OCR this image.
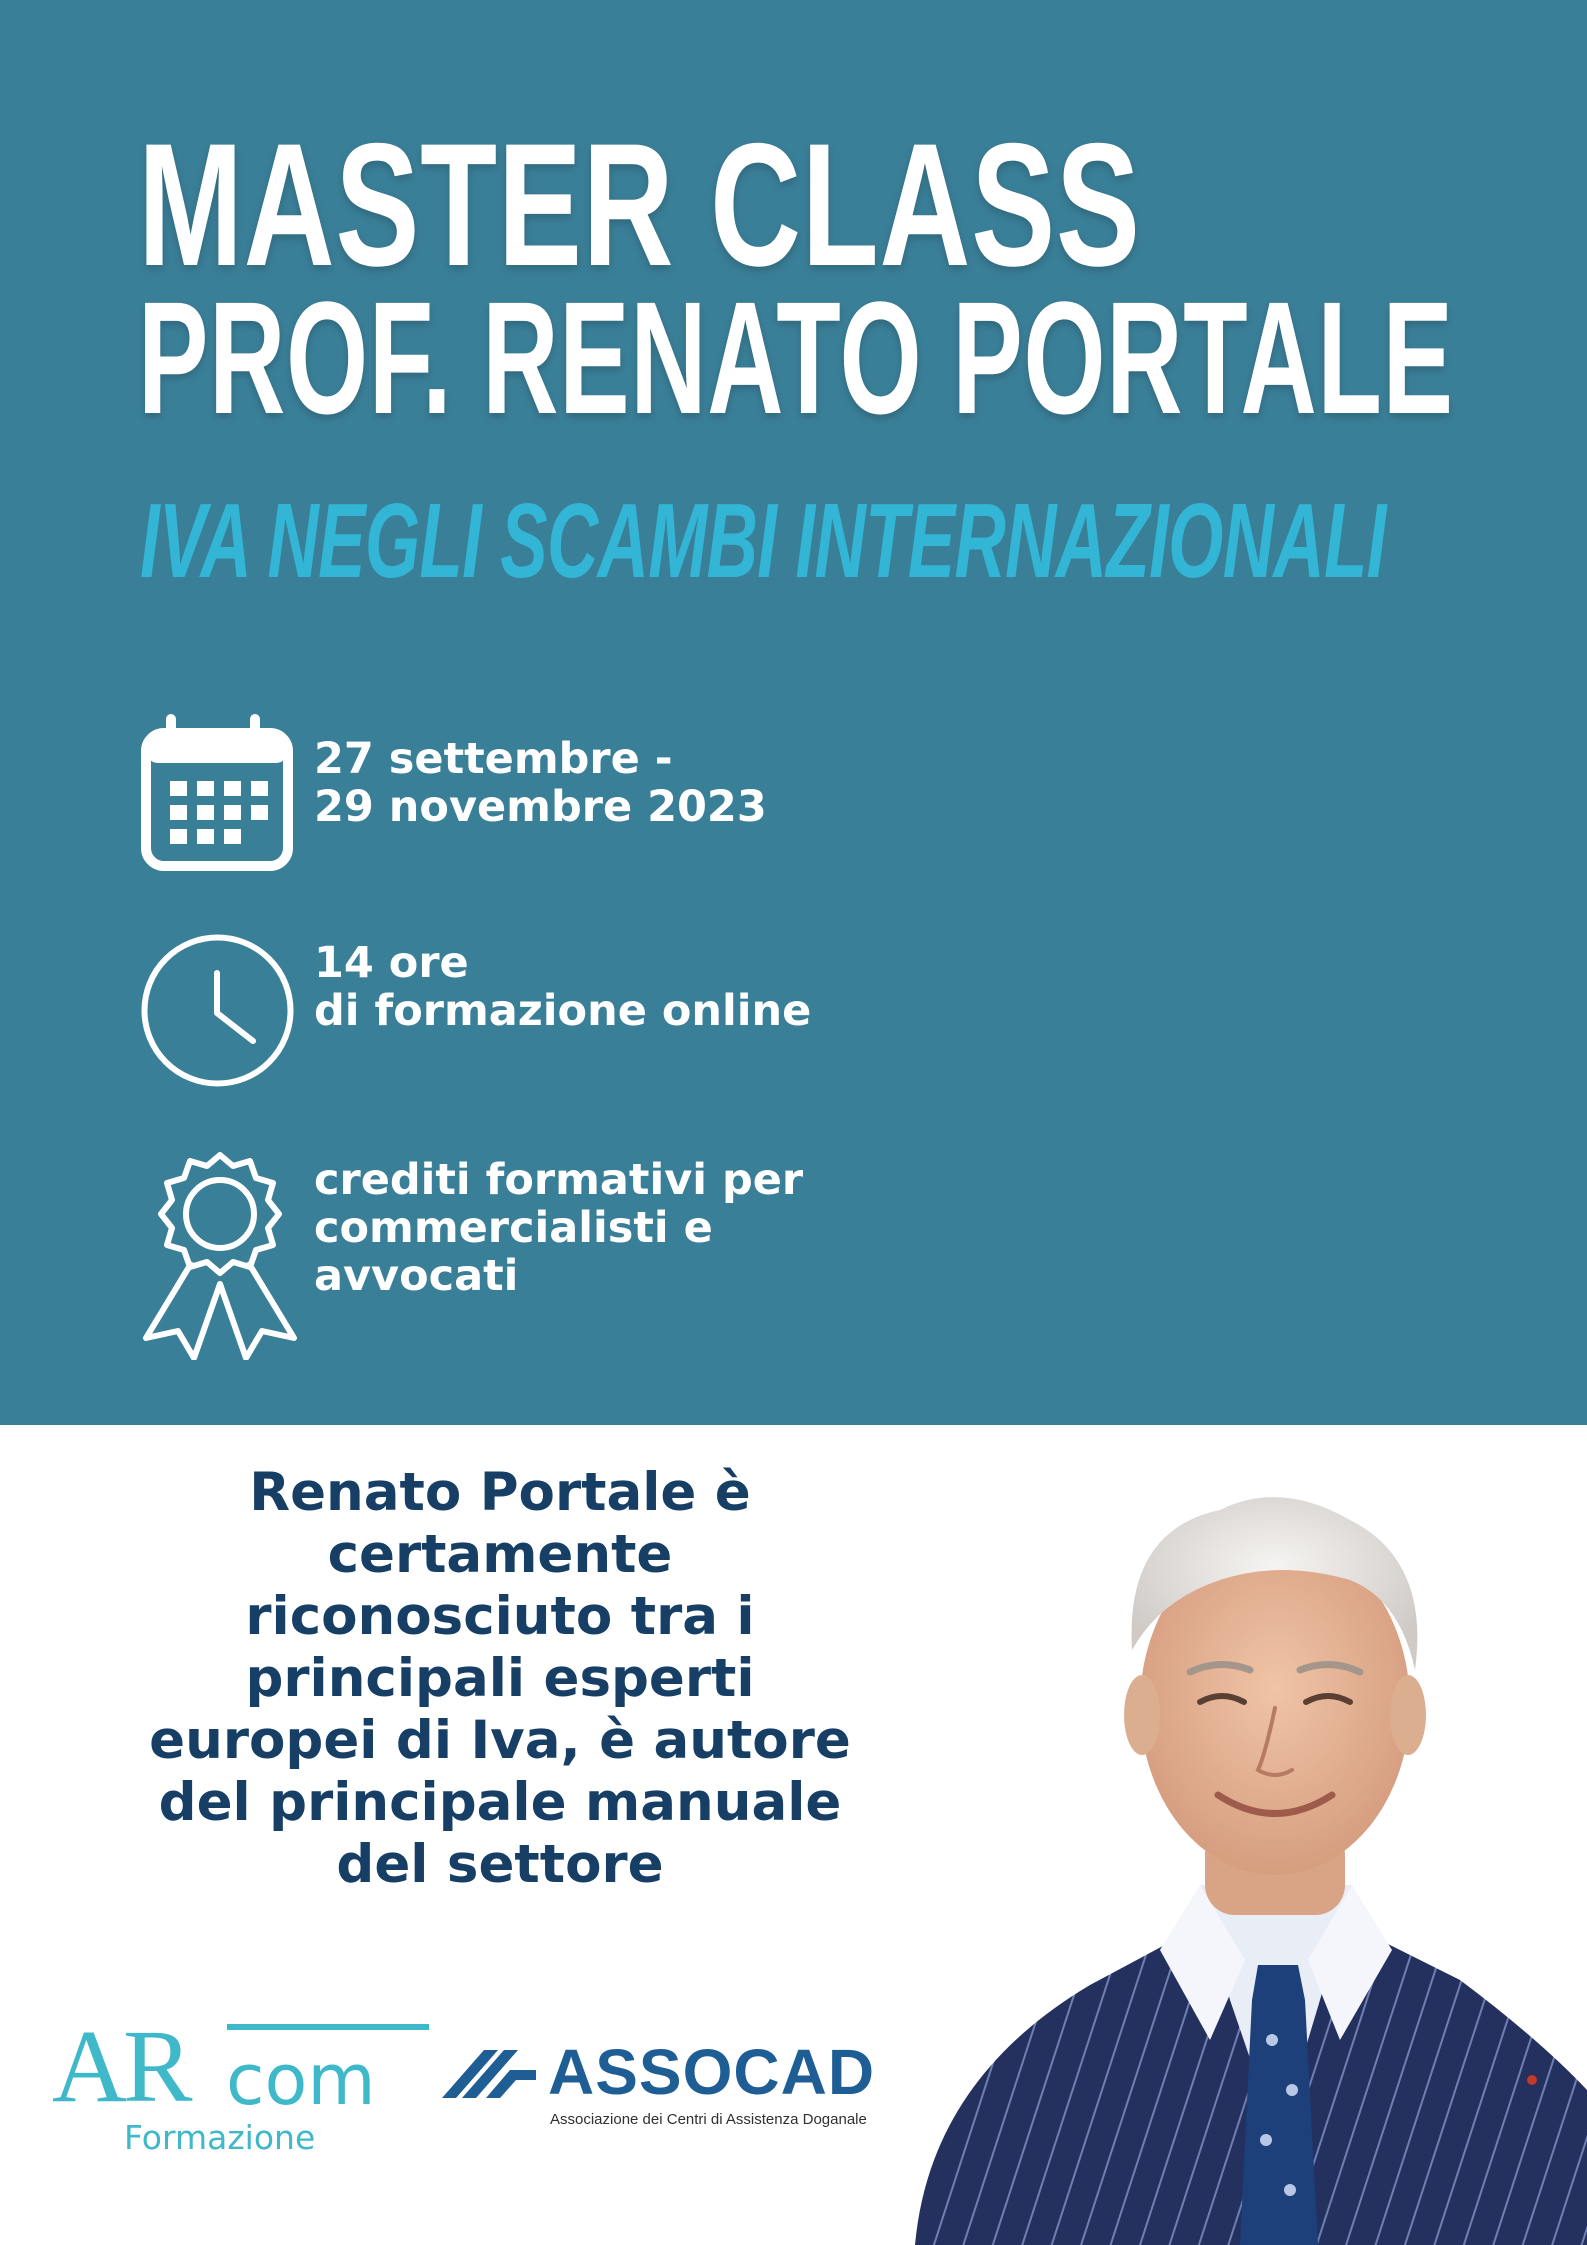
MASTER CLASS
PROF. RENATO PORTALE
IVA NEGLI SCAMBI INTERNAZIONALI
27 settembre -
29 novembre 2023
14 ore
di formazione online
crediti formativi per
commercialisti e
avvocati
Renato Portale è
certamente
riconosciuto tra i
principali esperti
europei di Iva, è autore
del principale manuale
del settore
AR com
Formazione
ASSOCAD
Associazione dei Centri di Assistenza Doganale
